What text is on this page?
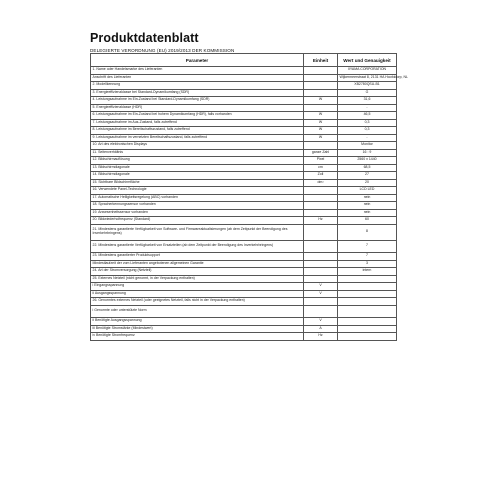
Produktdatenblatt
DELEGIERTE VERORDNUNG (EU) 2019/2013 DER KOMMISSION
Parameter	Einheit	Wert und Genauigkeit
1. Name oder Handelsmarke des Lieferanten		IIYAMA CORPORATION
Anschrift des Lieferanten		Wijkermeerstraat 8, 2131 HA Hoofddorp, NL
2. Modellkennung		XB2780QSU-B1
3. Energieeffizienzklasse bei Standard-Dynamikumfang (SDR)		G
4. Leistungsaufnahme im Ein-Zustand bei Standard-Dynamikumfang (SDR)	W	31,6
5. Energieeffizienzklasse (HDR)		-
6. Leistungsaufnahme im Ein-Zustand bei hohem Dynamikumfang (HDR), falls vorhanden	W	46,5
7. Leistungsaufnahme im Aus-Zustand, falls zutreffend	W	0,3
8. Leistungsaufnahme im Bereitschaftszustand, falls zutreffend	W	0,3
9. Leistungsaufnahme im vernetzten Bereitschaftszustand, falls zutreffend	W	-
10. Art des elektronischen Displays		Monitor
11. Seitenverhältnis	ganze Zahl	16 : 9
12. Bildschirmauflösung	Pixel	2560 x 1440
13. Bildschirmdiagonale	cm	68,5
14. Bildschirmdiagonale	Zoll	27
15. Sichtbare Bildschirmfläche	dm²	20
16. Verwendete Panel-Technologie		LCD LED
17. Automatische Helligkeitsregelung (ABC) vorhanden		nein
18. Spracherkennungssensor vorhanden		nein
19. Anwesenheitssensor vorhanden		nein
20. Bildwiederholfrequenz (Standard)	Hz	60
21. Mindestens garantierte Verfügbarkeit von Software- und Firmwareaktualisierungen (ab dem Zeitpunkt der Beendigung des Inverkehrbringens)		8
22. Mindestens garantierte Verfügbarkeit von Ersatzteilen (ab dem Zeitpunkt der Beendigung des Inverkehrbringens)		7
23. Mindestens garantierter Produktsupport		7
Mindestlaufzeit der vom Lieferanten angebotenen allgemeinen Garantie		3
24. Art der Stromversorgung (Netzteil)		intern
25. Externes Netzteil (nicht genormt, in der Verpackung enthalten)		
i Eingangsspannung	V	
ii Ausgangsspannung	V	
26. Genormtes externes Netzteil (oder geeignetes Netzteil, falls nicht in der Verpackung enthalten)		
i Genormte oder unterstützte Norm		
ii Benötigte Ausgangsspannung	V	
iii Benötigte Stromstärke (Mindestwert)	A	
iv Benötigte Stromfrequenz	Hz	
